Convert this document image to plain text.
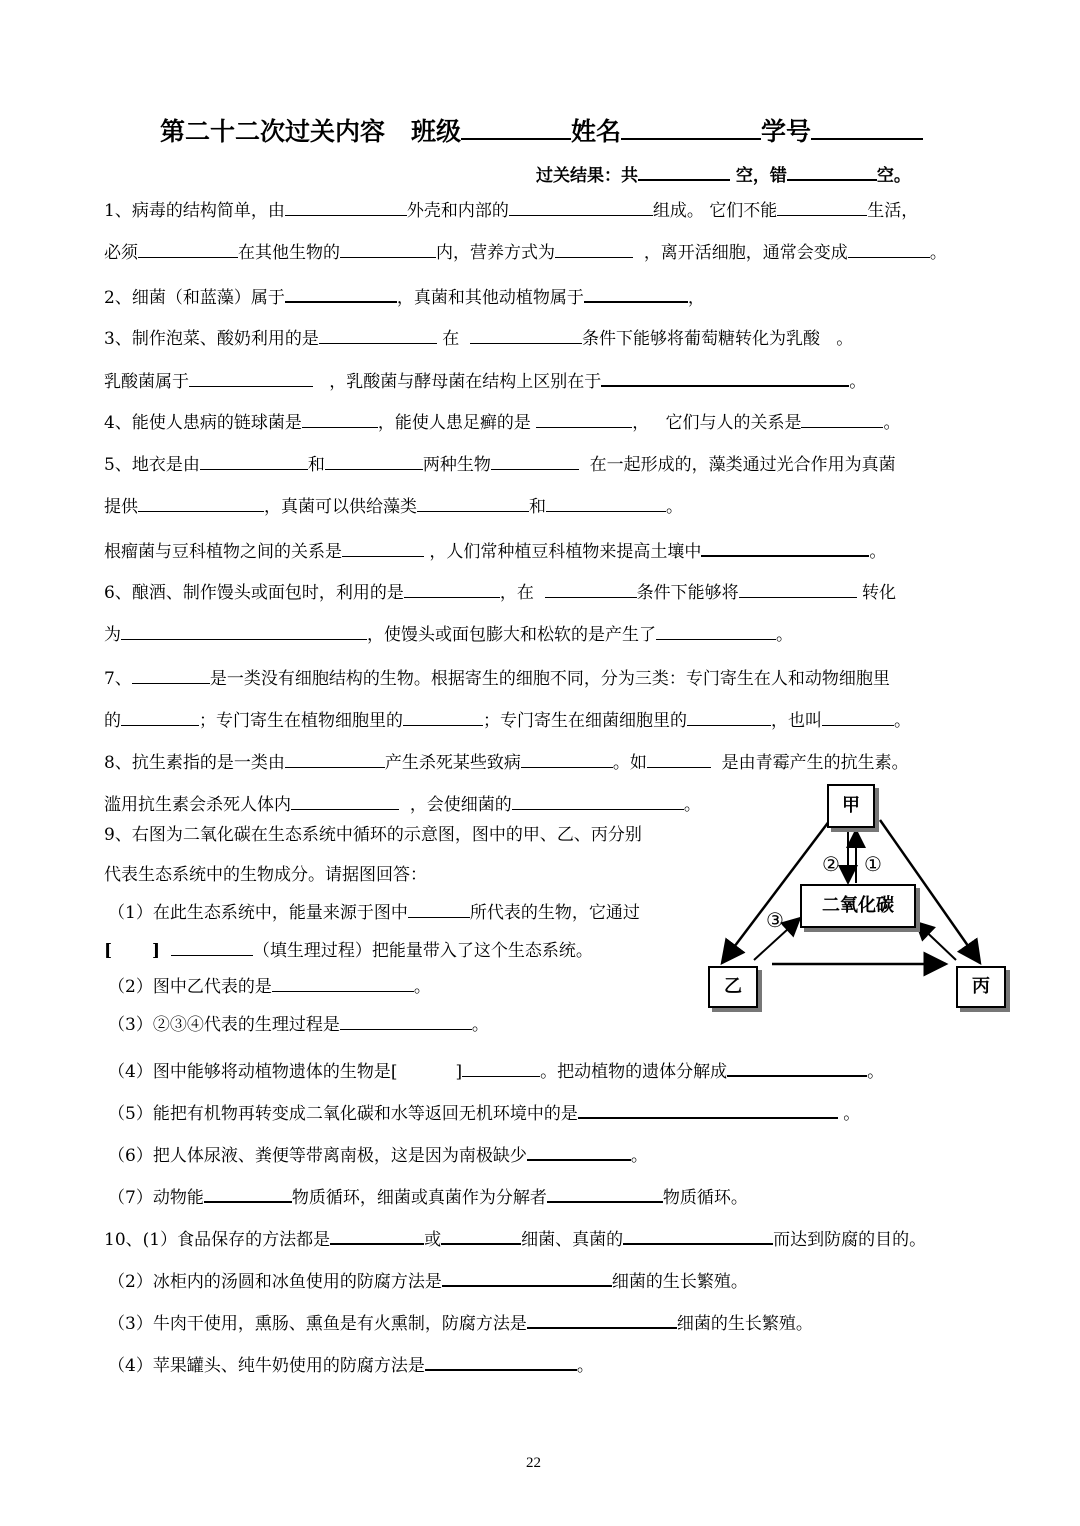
第二十二次过关内容 班级	姓名	学号
过关结果：共	空，错	空。
1、病毒的结构简单，由	外壳和内部的	组成。 它们不能	生活，
必须	在其他生物的	内，营养方式为	，离开活细胞，通常会变成	。
2、细菌（和蓝藻）属于	，真菌和其他动植物属于	，
3、制作泡菜、酸奶利用的是	在	条件下能够将葡萄糖转化为乳酸 。
乳酸菌属于	，乳酸菌与酵母菌在结构上区别在于	。
4、能使人患病的链球菌是	，能使人患足癣的是	， 它们与人的关系是	。
5、地衣是由	和	两种生物	在一起形成的，藻类通过光合作用为真菌
提供	，真菌可以供给藻类	和	。
根瘤菌与豆科植物之间的关系是	，人们常种植豆科植物来提高土壤中	。
6、酿酒、制作馒头或面包时，利用的是	，在	条件下能够将	转化
为	，使馒头或面包膨大和松软的是产生了	。
7、	是一类没有细胞结构的生物。根据寄生的细胞不同，分为三类：专门寄生在人和动物细胞里
的	；专门寄生在植物细胞里的	；专门寄生在细菌细胞里的	，也叫	。
8、抗生素指的是一类由	产生杀死某些致病	。如	是由青霉产生的抗生素。
滥用抗生素会杀死人体内	，会使细菌的	。
9、右图为二氧化碳在生态系统中循环的示意图，图中的甲、乙、丙分别
代表生态系统中的生物成分。请据图回答：
（1）在此生态系统中，能量来源于图中	所代表的生物，它通过
[ ]	（填生理过程）把能量带入了这个生态系统。
（2）图中乙代表的是	。
（3）②③④代表的生理过程是	。
（4）图中能够将动植物遗体的生物是[	]	。把动植物的遗体分解成	。
（5）能把有机物再转变成二氧化碳和水等返回无机环境中的是	。
（6）把人体尿液、粪便等带离南极，这是因为南极缺少	。
（7）动物能	物质循环，细菌或真菌作为分解者	物质循环。
10、(1）食品保存的方法都是	或	细菌、真菌的	而达到防腐的目的。
（2）冰柜内的汤圆和冰鱼使用的防腐方法是	细菌的生长繁殖。
（3）牛肉干使用，熏肠、熏鱼是有火熏制，防腐方法是	细菌的生长繁殖。
（4）苹果罐头、纯牛奶使用的防腐方法是	。
甲
二氧化碳
乙	丙
② ①
③
22
